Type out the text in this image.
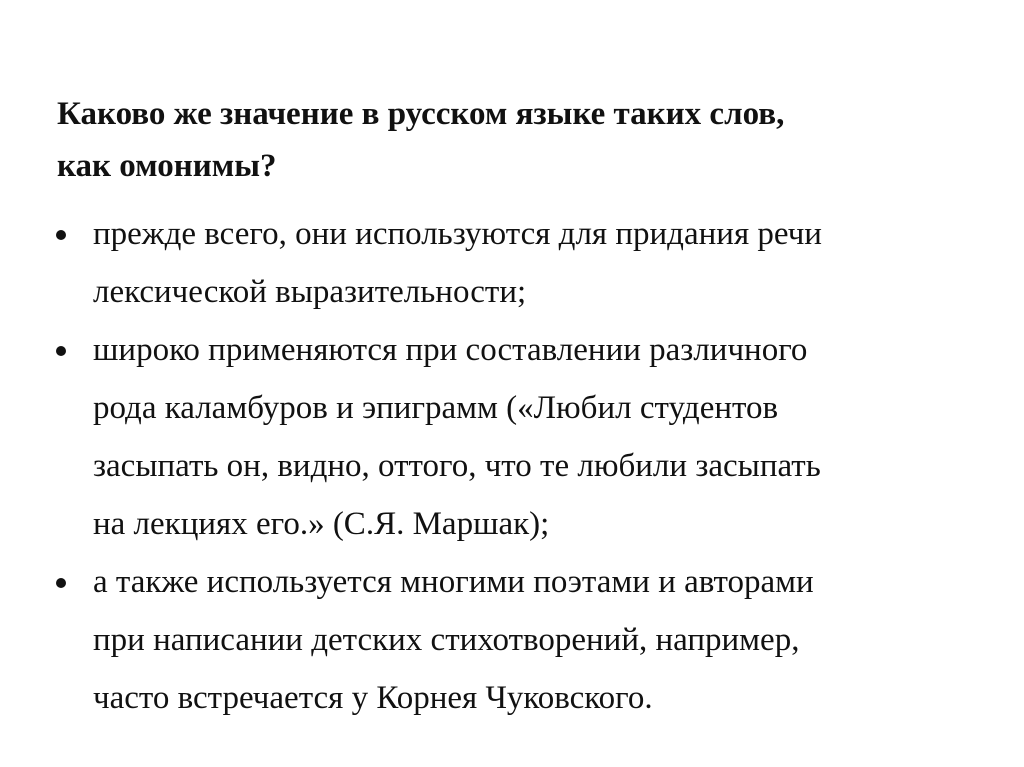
Каково же значение в русском языке таких слов,
как омонимы?
прежде всего, они используются для придания речи
лексической выразительности;
широко применяются при составлении различного
рода каламбуров и эпиграмм («Любил студентов
засыпать он, видно, оттого, что те любили засыпать
на лекциях его.» (С.Я. Маршак);
а также используется многими поэтами и авторами
при написании детских стихотворений, например,
часто встречается у Корнея Чуковского.
